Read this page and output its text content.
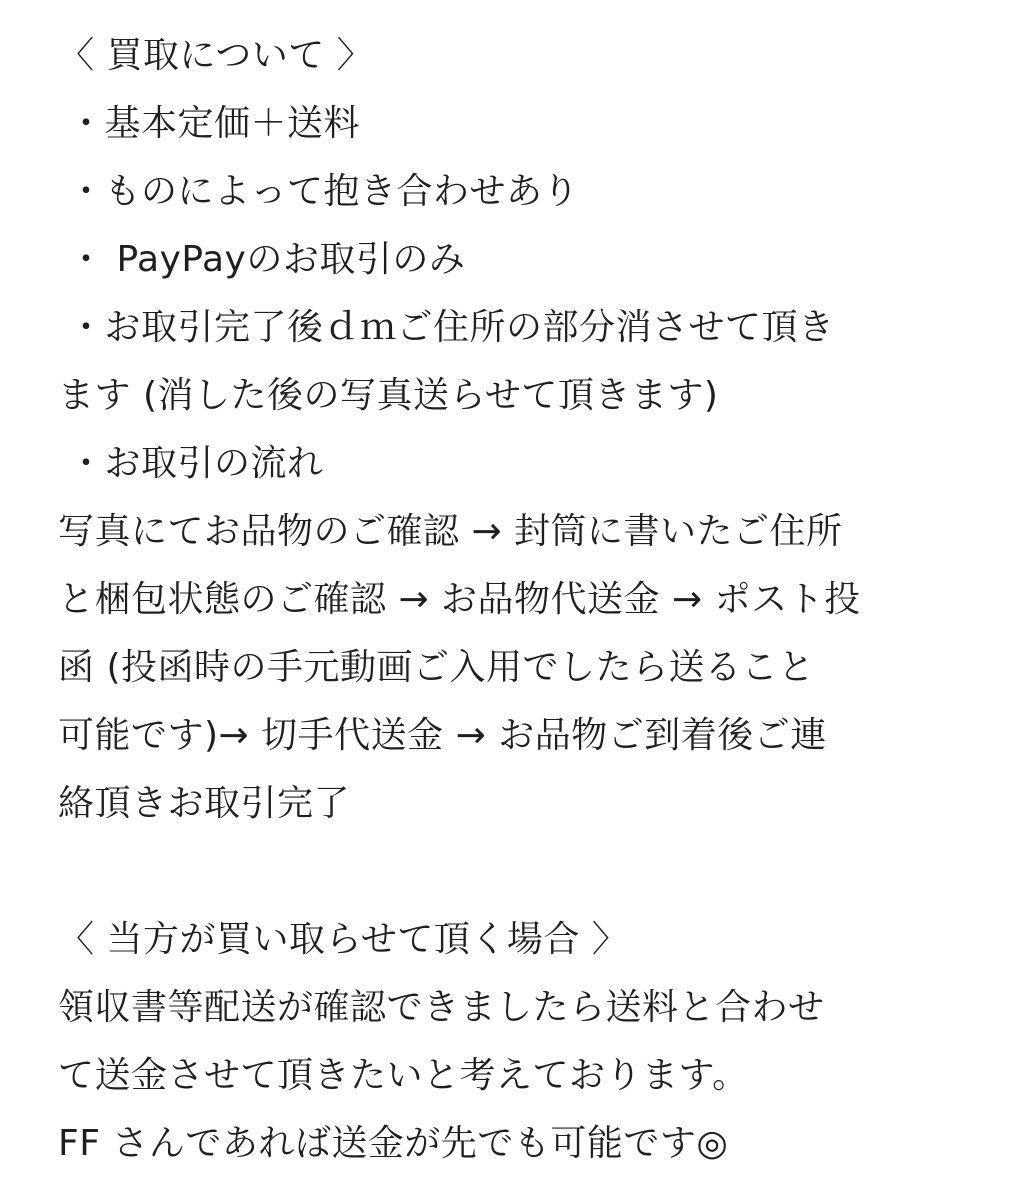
〈 買取について 〉
・基本定価＋送料
・ものによって抱き合わせあり
・ PayPayのお取引のみ
・お取引完了後ｄｍご住所の部分消させて頂き
ます (消した後の写真送らせて頂きます)
・お取引の流れ
写真にてお品物のご確認 → 封筒に書いたご住所
と梱包状態のご確認 → お品物代送金 → ポスト投
函 (投函時の手元動画ご入用でしたら送ること
可能です)→ 切手代送金 → お品物ご到着後ご連
絡頂きお取引完了
〈 当方が買い取らせて頂く場合 〉
領収書等配送が確認できましたら送料と合わせ
て送金させて頂きたいと考えております。
FF さんであれば送金が先でも可能です◎
